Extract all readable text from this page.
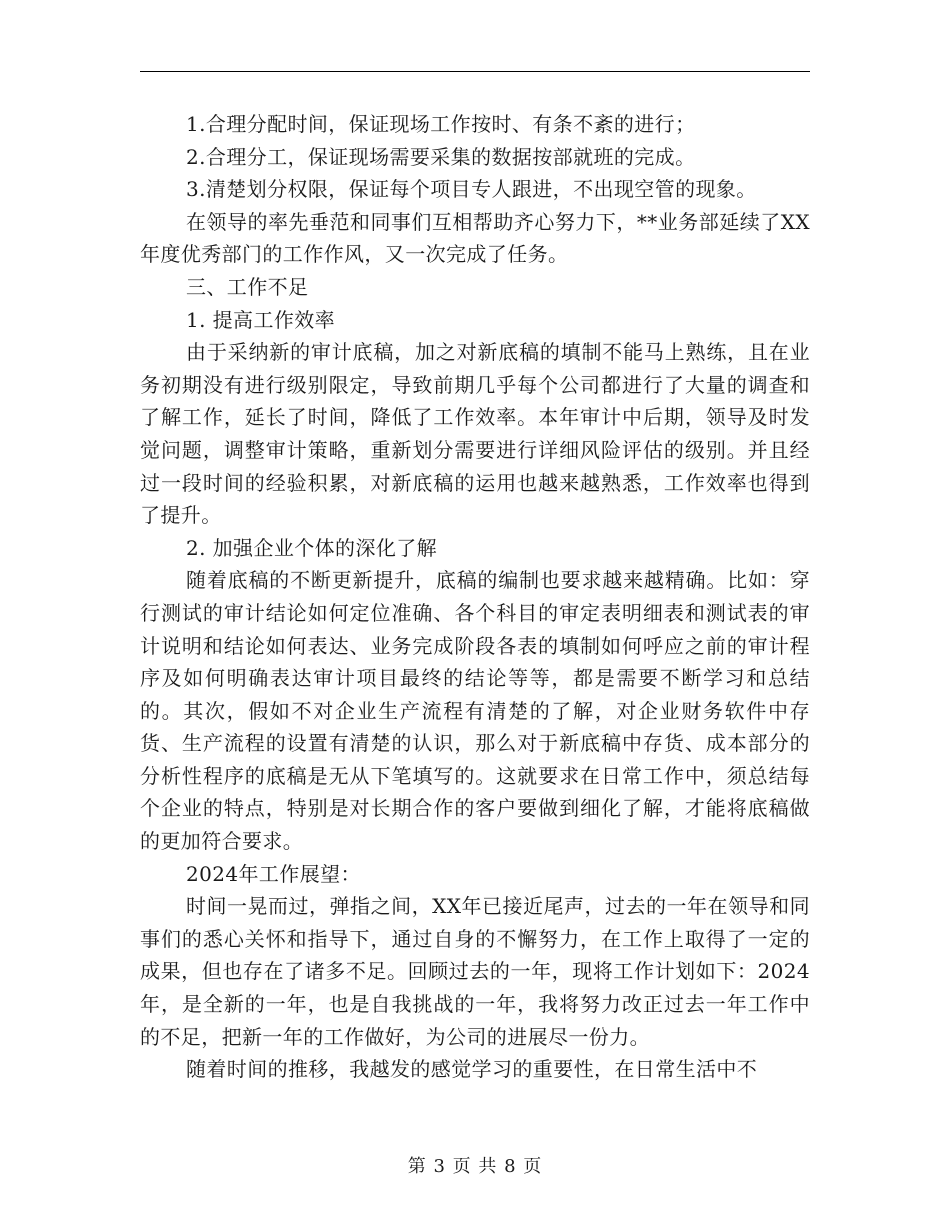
1.合理分配时间，保证现场工作按时、有条不紊的进行；

2.合理分工，保证现场需要采集的数据按部就班的完成。

3.清楚划分权限，保证每个项目专人跟进，不出现空管的现象。

在领导的率先垂范和同事们互相帮助齐心努力下，**业务部延续了XX年度优秀部门的工作作风，又一次完成了任务。

三、工作不足

1. 提高工作效率

由于采纳新的审计底稿，加之对新底稿的填制不能马上熟练，且在业务初期没有进行级别限定，导致前期几乎每个公司都进行了大量的调查和了解工作，延长了时间，降低了工作效率。本年审计中后期，领导及时发觉问题，调整审计策略，重新划分需要进行详细风险评估的级别。并且经过一段时间的经验积累，对新底稿的运用也越来越熟悉，工作效率也得到了提升。

2. 加强企业个体的深化了解

随着底稿的不断更新提升，底稿的编制也要求越来越精确。比如：穿行测试的审计结论如何定位准确、各个科目的审定表明细表和测试表的审计说明和结论如何表达、业务完成阶段各表的填制如何呼应之前的审计程序及如何明确表达审计项目最终的结论等等，都是需要不断学习和总结的。其次，假如不对企业生产流程有清楚的了解，对企业财务软件中存货、生产流程的设置有清楚的认识，那么对于新底稿中存货、成本部分的分析性程序的底稿是无从下笔填写的。这就要求在日常工作中，须总结每个企业的特点，特别是对长期合作的客户要做到细化了解，才能将底稿做的更加符合要求。

2024年工作展望：

时间一晃而过，弹指之间，XX年已接近尾声，过去的一年在领导和同事们的悉心关怀和指导下，通过自身的不懈努力，在工作上取得了一定的成果，但也存在了诸多不足。回顾过去的一年，现将工作计划如下：2024年，是全新的一年，也是自我挑战的一年，我将努力改正过去一年工作中的不足，把新一年的工作做好，为公司的进展尽一份力。

随着时间的推移，我越发的感觉学习的重要性，在日常生活中不

第 3 页 共 8 页
